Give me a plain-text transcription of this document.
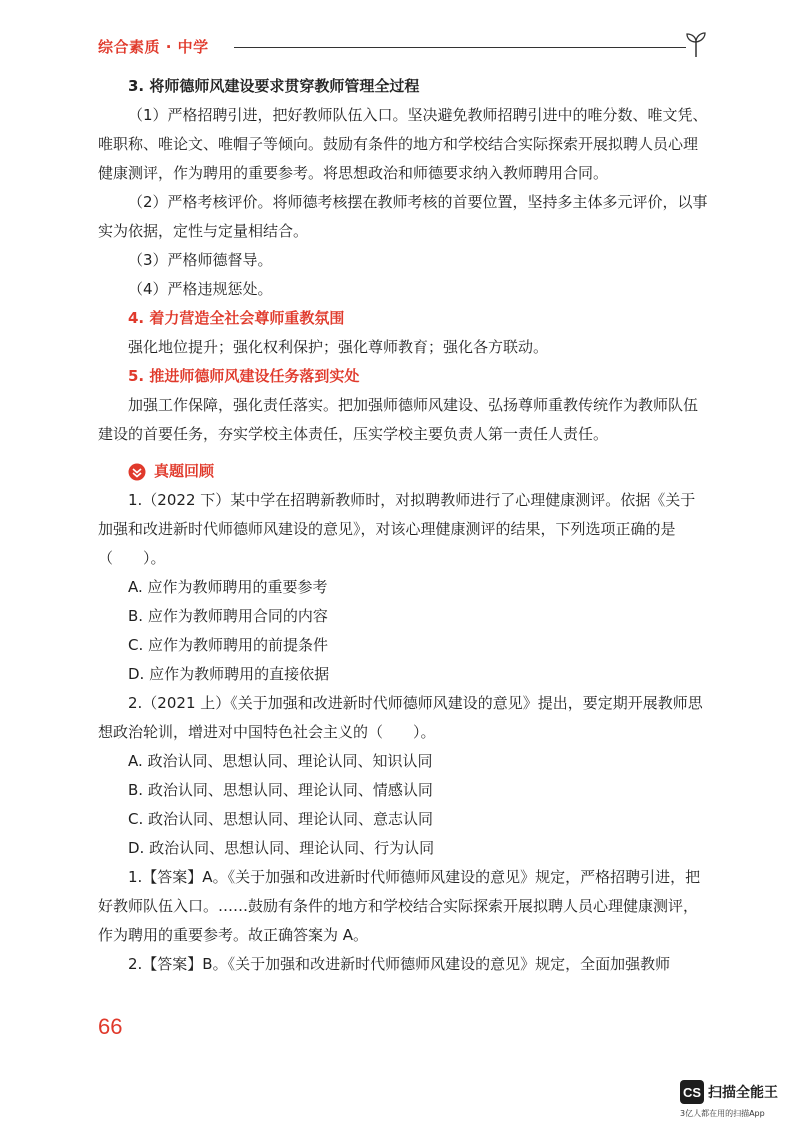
综合素质 · 中学

3. 将师德师风建设要求贯穿教师管理全过程

（1）严格招聘引进，把好教师队伍入口。坚决避免教师招聘引进中的唯分数、唯文凭、唯职称、唯论文、唯帽子等倾向。鼓励有条件的地方和学校结合实际探索开展拟聘人员心理健康测评，作为聘用的重要参考。将思想政治和师德要求纳入教师聘用合同。

（2）严格考核评价。将师德考核摆在教师考核的首要位置，坚持多主体多元评价，以事实为依据，定性与定量相结合。

（3）严格师德督导。

（4）严格违规惩处。

4. 着力营造全社会尊师重教氛围

强化地位提升；强化权利保护；强化尊师教育；强化各方联动。

5. 推进师德师风建设任务落到实处

加强工作保障，强化责任落实。把加强师德师风建设、弘扬尊师重教传统作为教师队伍建设的首要任务，夯实学校主体责任，压实学校主要负责人第一责任人责任。

真题回顾

1.（2022 下）某中学在招聘新教师时，对拟聘教师进行了心理健康测评。依据《关于加强和改进新时代师德师风建设的意见》，对该心理健康测评的结果，下列选项正确的是（　　）。

A. 应作为教师聘用的重要参考

B. 应作为教师聘用合同的内容

C. 应作为教师聘用的前提条件

D. 应作为教师聘用的直接依据

2.（2021 上）《关于加强和改进新时代师德师风建设的意见》提出，要定期开展教师思想政治轮训，增进对中国特色社会主义的（　　）。

A. 政治认同、思想认同、理论认同、知识认同

B. 政治认同、思想认同、理论认同、情感认同

C. 政治认同、思想认同、理论认同、意志认同

D. 政治认同、思想认同、理论认同、行为认同

1.【答案】A。《关于加强和改进新时代师德师风建设的意见》规定，严格招聘引进，把好教师队伍入口。……鼓励有条件的地方和学校结合实际探索开展拟聘人员心理健康测评，作为聘用的重要参考。故正确答案为 A。

2.【答案】B。《关于加强和改进新时代师德师风建设的意见》规定，全面加强教师

66
CS 扫描全能王
3亿人都在用的扫描App
